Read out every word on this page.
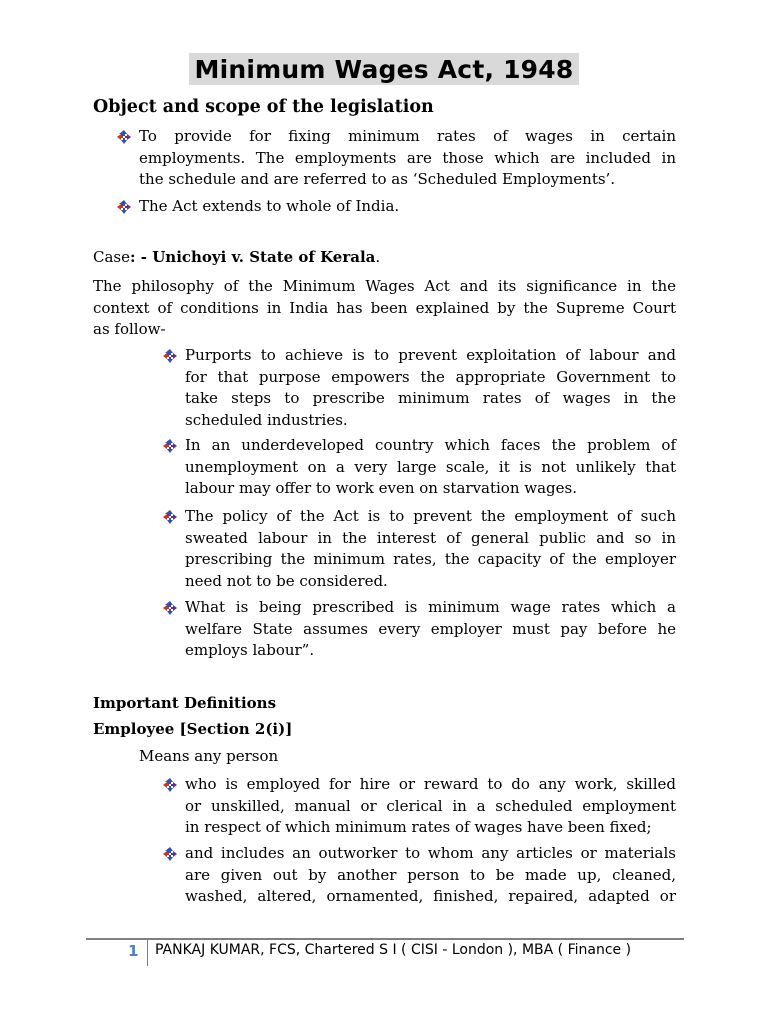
Minimum Wages Act, 1948
Object and scope of the legislation
To provide for fixing minimum rates of wages in certain
employments. The employments are those which are included in
the schedule and are referred to as ‘Scheduled Employments’.
The Act extends to whole of India.
Case: - Unichoyi v. State of Kerala.
The philosophy of the Minimum Wages Act and its significance in the
context of conditions in India has been explained by the Supreme Court
as follow-
Purports to achieve is to prevent exploitation of labour and
for that purpose empowers the appropriate Government to
take steps to prescribe minimum rates of wages in the
scheduled industries.
In an underdeveloped country which faces the problem of
unemployment on a very large scale, it is not unlikely that
labour may offer to work even on starvation wages.
The policy of the Act is to prevent the employment of such
sweated labour in the interest of general public and so in
prescribing the minimum rates, the capacity of the employer
need not to be considered.
What is being prescribed is minimum wage rates which a
welfare State assumes every employer must pay before he
employs labour”.
Important Definitions
Employee [Section 2(i)]
Means any person
who is employed for hire or reward to do any work, skilled
or unskilled, manual or clerical in a scheduled employment
in respect of which minimum rates of wages have been fixed;
and includes an outworker to whom any articles or materials
are given out by another person to be made up, cleaned,
washed, altered, ornamented, finished, repaired, adapted or
1 PANKAJ KUMAR, FCS, Chartered S I ( CISI - London ), MBA ( Finance )
